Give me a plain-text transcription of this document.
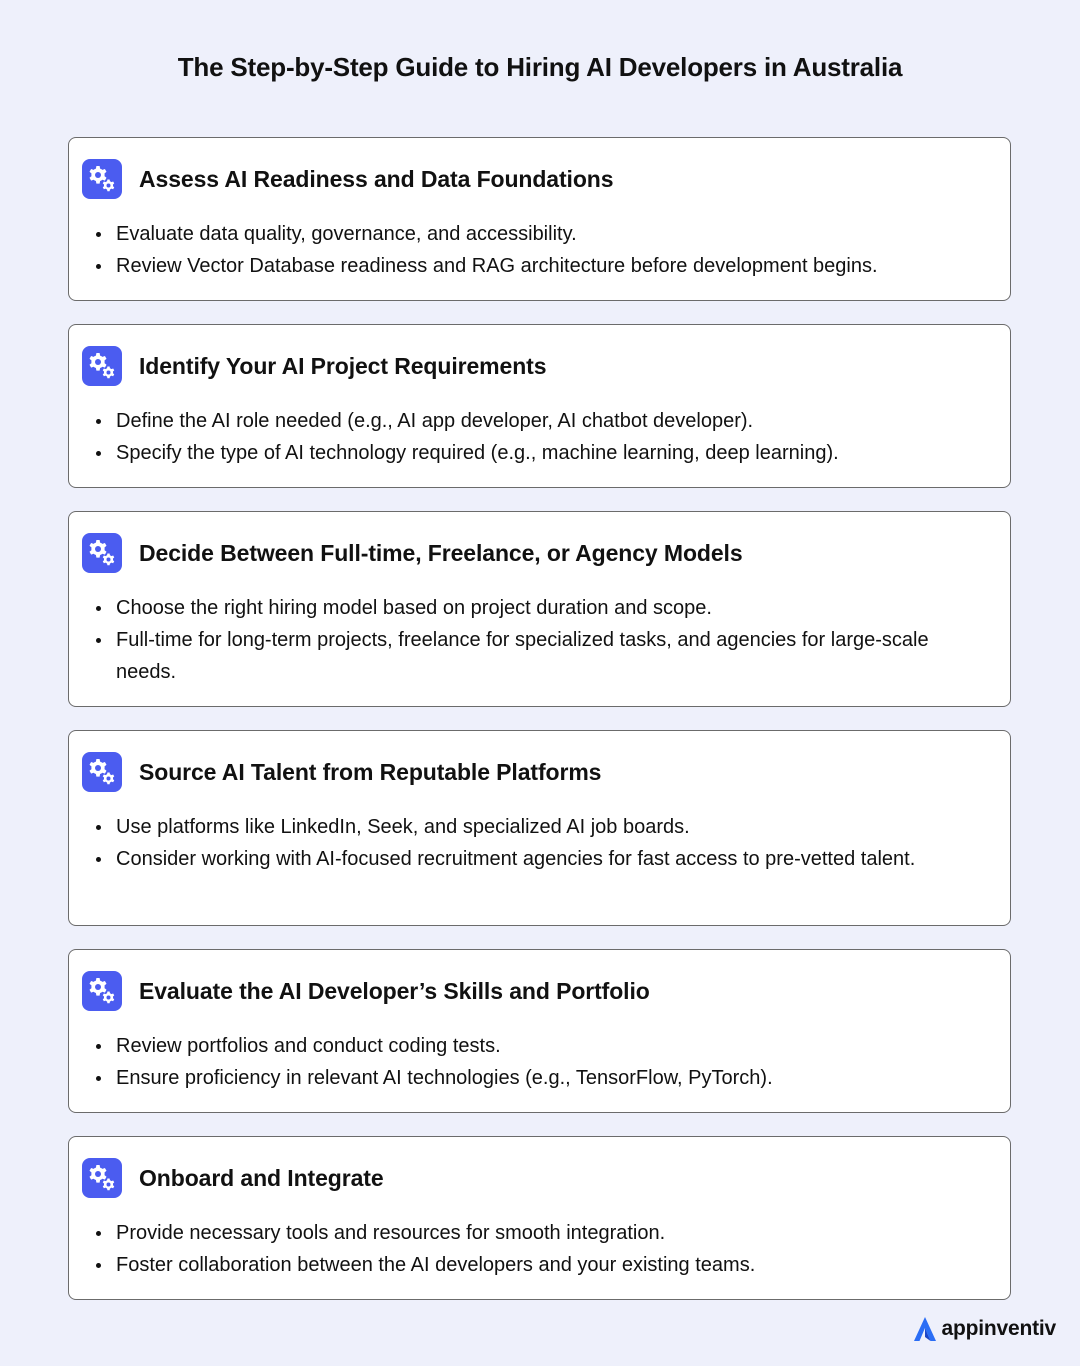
The Step-by-Step Guide to Hiring AI Developers in Australia
Assess AI Readiness and Data Foundations
Evaluate data quality, governance, and accessibility.
Review Vector Database readiness and RAG architecture before development begins.
Identify Your AI Project Requirements
Define the AI role needed (e.g., AI app developer, AI chatbot developer).
Specify the type of AI technology required (e.g., machine learning, deep learning).
Decide Between Full-time, Freelance, or Agency Models
Choose the right hiring model based on project duration and scope.
Full-time for long-term projects, freelance for specialized tasks, and agencies for large-scale needs.
Source AI Talent from Reputable Platforms
Use platforms like LinkedIn, Seek, and specialized AI job boards.
Consider working with AI-focused recruitment agencies for fast access to pre-vetted talent.
Evaluate the AI Developer’s Skills and Portfolio
Review portfolios and conduct coding tests.
Ensure proficiency in relevant AI technologies (e.g., TensorFlow, PyTorch).
Onboard and Integrate
Provide necessary tools and resources for smooth integration.
Foster collaboration between the AI developers and your existing teams.
appinventiv
